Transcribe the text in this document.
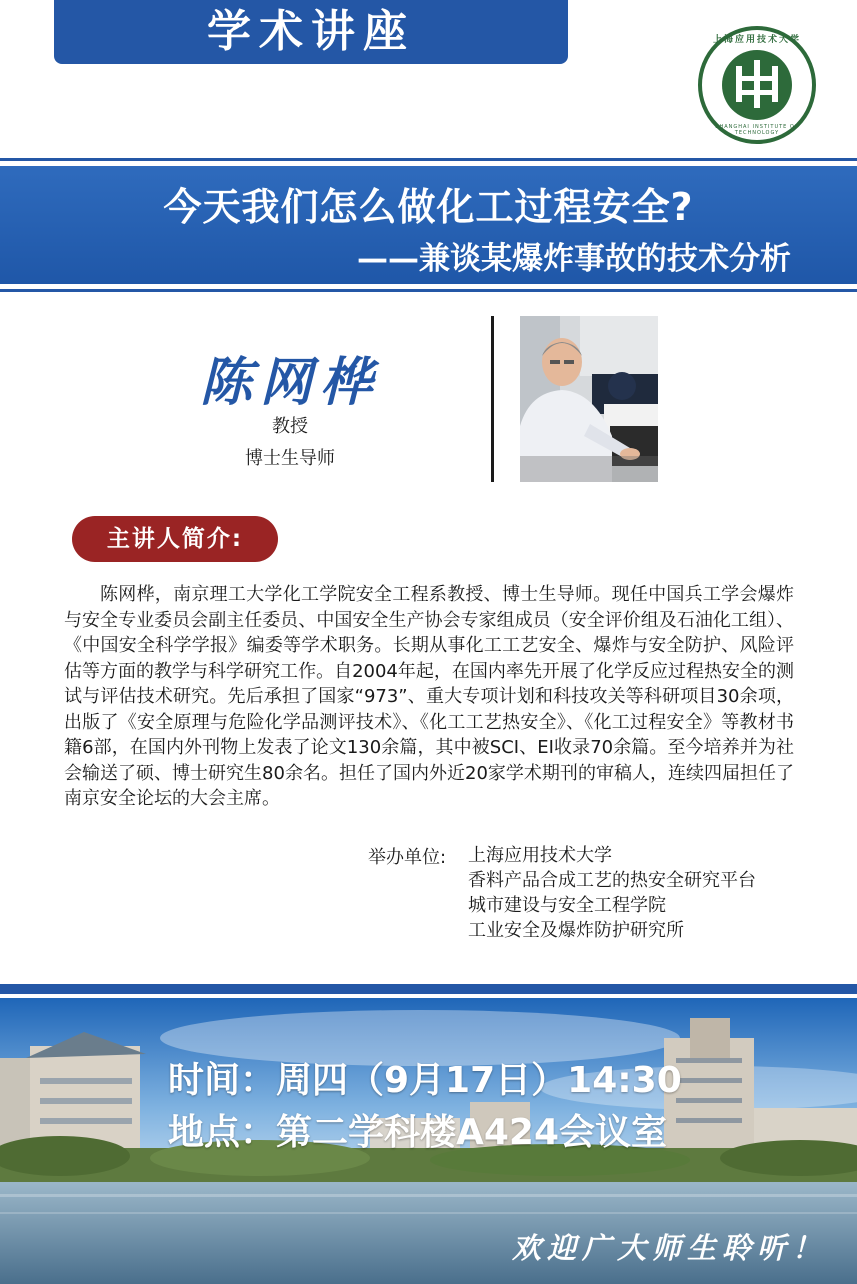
学术讲座	上海应用技术大学
SHANGHAI INSTITUTE OF TECHNOLOGY
今天我们怎么做化工过程安全?
——兼谈某爆炸事故的技术分析
陈网桦
教授
博士生导师
主讲人简介:
陈网桦，南京理工大学化工学院安全工程系教授、博士生导师。现任中国兵工学会爆炸与安全专业委员会副主任委员、中国安全生产协会专家组成员（安全评价组及石油化工组）、《中国安全科学学报》编委等学术职务。长期从事化工工艺安全、爆炸与安全防护、风险评估等方面的教学与科学研究工作。自2004年起，在国内率先开展了化学反应过程热安全的测试与评估技术研究。先后承担了国家“973”、重大专项计划和科技攻关等科研项目30余项，出版了《安全原理与危险化学品测评技术》、《化工工艺热安全》、《化工过程安全》等教材书籍6部，在国内外刊物上发表了论文130余篇，其中被SCI、EI收录70余篇。至今培养并为社会输送了硕、博士研究生80余名。担任了国内外近20家学术期刊的审稿人，连续四届担任了南京安全论坛的大会主席。
举办单位: 上海应用技术大学
香料产品合成工艺的热安全研究平台
城市建设与安全工程学院
工业安全及爆炸防护研究所
时间：周四（9月17日）14:30
地点：第二学科楼A424会议室
欢迎广大师生聆听！
